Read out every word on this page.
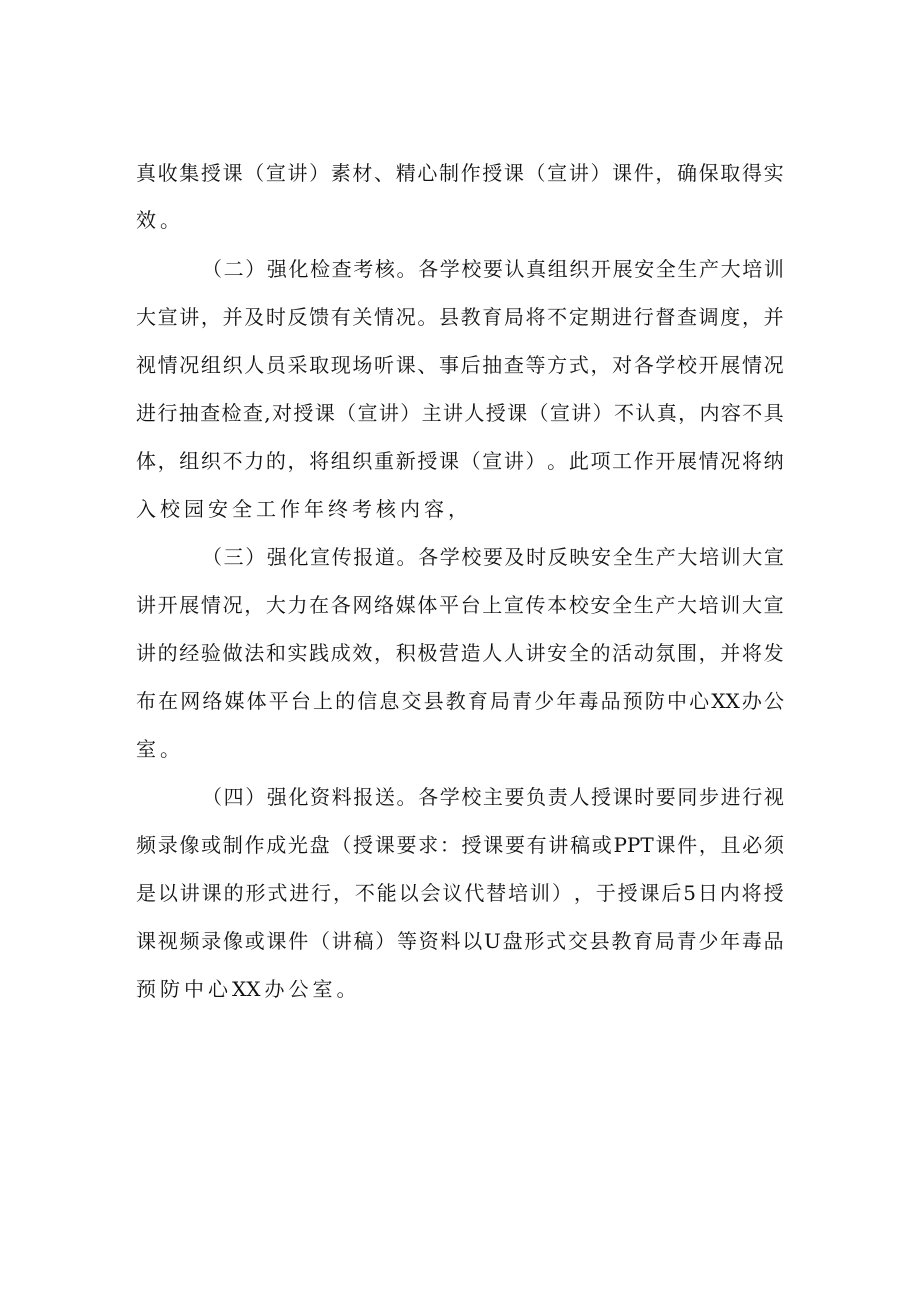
真 收 集 授 课 （ 宣 讲 ） 素 材 、 精 心 制 作 授 课 （ 宣 讲 ） 课 件 ， 确 保 取 得 实
效 。
（ 二 ） 强 化 检 查 考 核 。 各 学 校 要 认 真 组 织 开 展 安 全 生 产 大 培 训
大 宣 讲 ， 并 及 时 反 馈 有 关 情 况 。 县 教 育 局 将 不 定 期 进 行 督 查 调 度 ， 并
视 情 况 组 织 人 员 采 取 现 场 听 课 、 事 后 抽 查 等 方 式 ， 对 各 学 校 开 展 情 况
进 行 抽 查 检 查 , 对 授 课 （ 宣 讲 ） 主 讲 人 授 课 （ 宣 讲 ） 不 认 真 ， 内 容 不 具
体 ， 组 织 不 力 的 ， 将 组 织 重 新 授 课 （ 宣 讲 ） 。 此 项 工 作 开 展 情 况 将 纳
入 校 园 安 全 工 作 年 终 考 核 内 容 ，
（ 三 ） 强 化 宣 传 报 道 。 各 学 校 要 及 时 反 映 安 全 生 产 大 培 训 大 宣
讲 开 展 情 况 ， 大 力 在 各 网 络 媒 体 平 台 上 宣 传 本 校 安 全 生 产 大 培 训 大 宣
讲 的 经 验 做 法 和 实 践 成 效 ， 积 极 营 造 人 人 讲 安 全 的 活 动 氛 围 ， 并 将 发
布 在 网 络 媒 体 平 台 上 的 信 息 交 县 教 育 局 青 少 年 毒 品 预 防 中 心 XX 办 公
室 。
（ 四 ） 强 化 资 料 报 送 。 各 学 校 主 要 负 责 人 授 课 时 要 同 步 进 行 视
频 录 像 或 制 作 成 光 盘 （ 授 课 要 求 ： 授 课 要 有 讲 稿 或 PPT 课 件 ， 且 必 须
是 以 讲 课 的 形 式 进 行 ， 不 能 以 会 议 代 替 培 训 ） ， 于 授 课 后 5 日 内 将 授
课 视 频 录 像 或 课 件 （ 讲 稿 ） 等 资 料 以 U 盘 形 式 交 县 教 育 局 青 少 年 毒 品
预 防 中 心 XX 办 公 室 。
